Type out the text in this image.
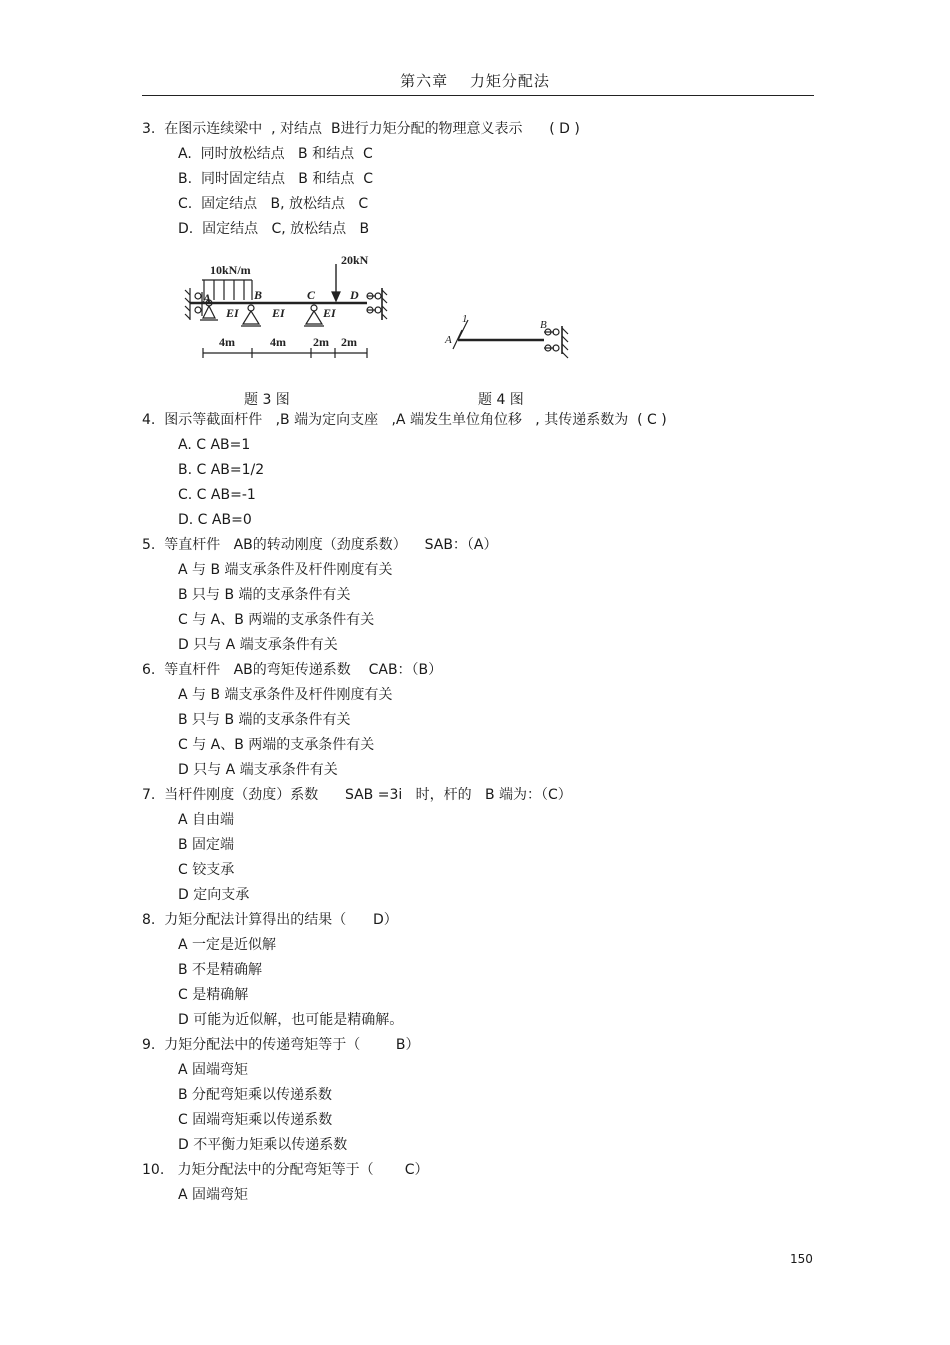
第六章　 力矩分配法
3.  在图示连续梁中  , 对结点  B进行力矩分配的物理意义表示      ( D )
A.  同时放松结点   B 和结点  C
B.  同时固定结点   B 和结点  C
C.  固定结点   B, 放松结点   C
D.  固定结点   C, 放松结点   B
10kN/m
20kN
A	B	C	D
EI	EI	EI
4m	4m 2m 2m
1
A
B
题 3 图	题 4 图
4.  图示等截面杆件   ,B 端为定向支座   ,A 端发生单位角位移   , 其传递系数为  ( C )
A. C AB=1
B. C AB=1/2
C. C AB=-1
D. C AB=0
5.  等直杆件   AB的转动刚度（劲度系数）    SAB：（A）
A 与 B 端支承条件及杆件刚度有关
B 只与 B 端的支承条件有关
C 与 A、B 两端的支承条件有关
D 只与 A 端支承条件有关
6.  等直杆件   AB的弯矩传递系数    CAB：（B）
A 与 B 端支承条件及杆件刚度有关
B 只与 B 端的支承条件有关
C 与 A、B 两端的支承条件有关
D 只与 A 端支承条件有关
7.  当杆件刚度（劲度）系数      SAB =3i   时，杆的   B 端为：（C）
A 自由端
B 固定端
C 铰支承
D 定向支承
8.  力矩分配法计算得出的结果（      D）
A 一定是近似解
B 不是精确解
C 是精确解
D 可能为近似解，也可能是精确解。
9.  力矩分配法中的传递弯矩等于（        B）
A 固端弯矩
B 分配弯矩乘以传递系数
C 固端弯矩乘以传递系数
D 不平衡力矩乘以传递系数
10.   力矩分配法中的分配弯矩等于（       C）
A 固端弯矩
150
